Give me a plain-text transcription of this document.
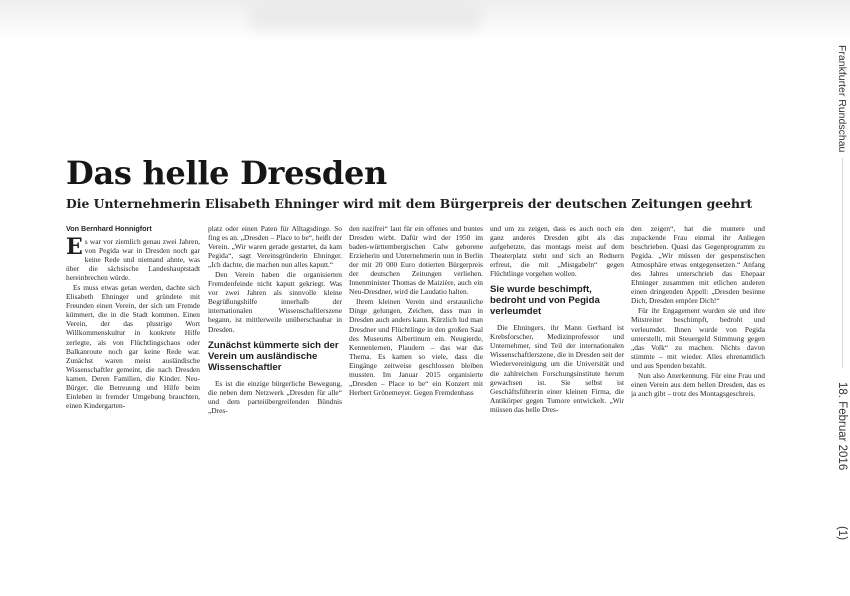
Das helle Dresden
Die Unternehmerin Elisabeth Ehninger wird mit dem Bürgerpreis der deutschen Zeitungen geehrt
Von Bernhard Honnigfort

Es war vor ziemlich genau zwei Jahren, von Pegida war in Dresden noch gar keine Rede und niemand ahnte, was über die sächsische Landeshauptstadt hereinbrechen würde.

Es muss etwas getan werden, dachte sich Elisabeth Ehninger und gründete mit Freunden einen Verein, der sich um Fremde kümmert, die in die Stadt kommen. Einen Verein, der das plustrige Wort Willkommenskultur in konkrete Hilfe zerlegte, als von Flüchtlingschaos oder Balkanroute noch gar keine Rede war. Zunächst waren meist ausländische Wissenschaftler gemeint, die nach Dresden kamen. Deren Familien, die Kinder. Neu-Bürger, die Betreuung und Hilfe beim Einleben in fremder Umgebung brauchten, einen Kindergarten-

platz oder einen Paten für Alltagsdinge. So fing es an. „Dresden – Place to be“, heißt der Verein. „Wir waren gerade gestartet, da kam Pegida“, sagt Vereinsgründerin Ehninger. „Ich dachte, die machen nun alles kaputt.“

Den Verein haben die organisierten Fremdenfeinde nicht kaputt gekriegt. Was vor zwei Jahren als sinnvolle kleine Begrüßungshilfe innerhalb der internationalen Wissenschaftlerszene begann, ist mittlerweile unüberschaubar in Dresden.

Zunächst kümmerte sich der Verein um ausländische Wissenschaftler

Es ist die einzige bürgerliche Bewegung, die neben dem Netzwerk „Dresden für alle“ und dem parteiübergreifenden Bündnis „Dres-

den nazifrei“ laut für ein offenes und buntes Dresden wirbt. Dafür wird der 1950 im baden-württembergischen Calw geborene Erzieherin und Unternehmerin nun in Berlin der mit 20 000 Euro dotierten Bürgerpreis der deutschen Zeitungen verliehen. Innenminister Thomas de Maizière, auch ein Neu-Dresdner, wird die Laudatio halten.

Ihrem kleinen Verein sind erstaunliche Dinge gelungen, Zeichen, dass man in Dresden auch anders kann. Kürzlich lud man Dresdner und Flüchtlinge in den großen Saal des Museums Albertinum ein. Neugierde, Kennenlernen, Plaudern – das war das Thema. Es kamen so viele, dass die Eingänge zeitweise geschlossen bleiben mussten. Im Januar 2015 organisierte „Dresden – Place to be“ ein Konzert mit Herbert Grönemeyer. Gegen Fremdenhass

und um zu zeigen, dass es auch noch ein ganz anderes Dresden gibt als das aufgehetzte, das montags meist auf dem Theaterplatz steht und sich an Rednern erfreut, die mit „Mistgabeln“ gegen Flüchtlinge vorgehen wollen.

Sie wurde beschimpft, bedroht und von Pegida verleumdet

Die Ehningers, ihr Mann Gerhard ist Krebsforscher, Medizinprofessor und Unternehmer, sind Teil der internationalen Wissenschaftlerszene, die in Dresden seit der Wiedervereinigung um die Universität und die zahlreichen Forschungsinstitute herum gewachsen ist. Sie selbst ist Geschäftsführerin einer kleinen Firma, die Antikörper gegen Tumore entwickelt. „Wir müssen das helle Dres-

den zeigen“, hat die muntere und zupackende Frau einmal ihr Anliegen beschrieben. Quasi das Gegenprogramm zu Pegida. „Wir müssen der gespenstischen Atmosphäre etwas entgegensetzen.“ Anfang des Jahres unterschrieb das Ehepaar Ehninger zusammen mit etlichen anderen einen dringenden Appell: „Dresden besinne Dich, Dresden empöre Dich!“

Für ihr Engagement wurden sie und ihre Mitstreiter beschimpft, bedroht und verleumdet. Ihnen wurde von Pegida unterstellt, mit Steuergeld Stimmung gegen „das Volk“ zu machen. Nichts davon stimmte – mit wieder. Alles ehrenamtlich und aus Spenden bezahlt.

Nun also Anerkennung. Für eine Frau und einen Verein aus dem hellen Dresden, das es ja auch gibt – trotz des Montagsgeschreis.

Frankfurter Rundschau
18. Februar 2016
(1)
